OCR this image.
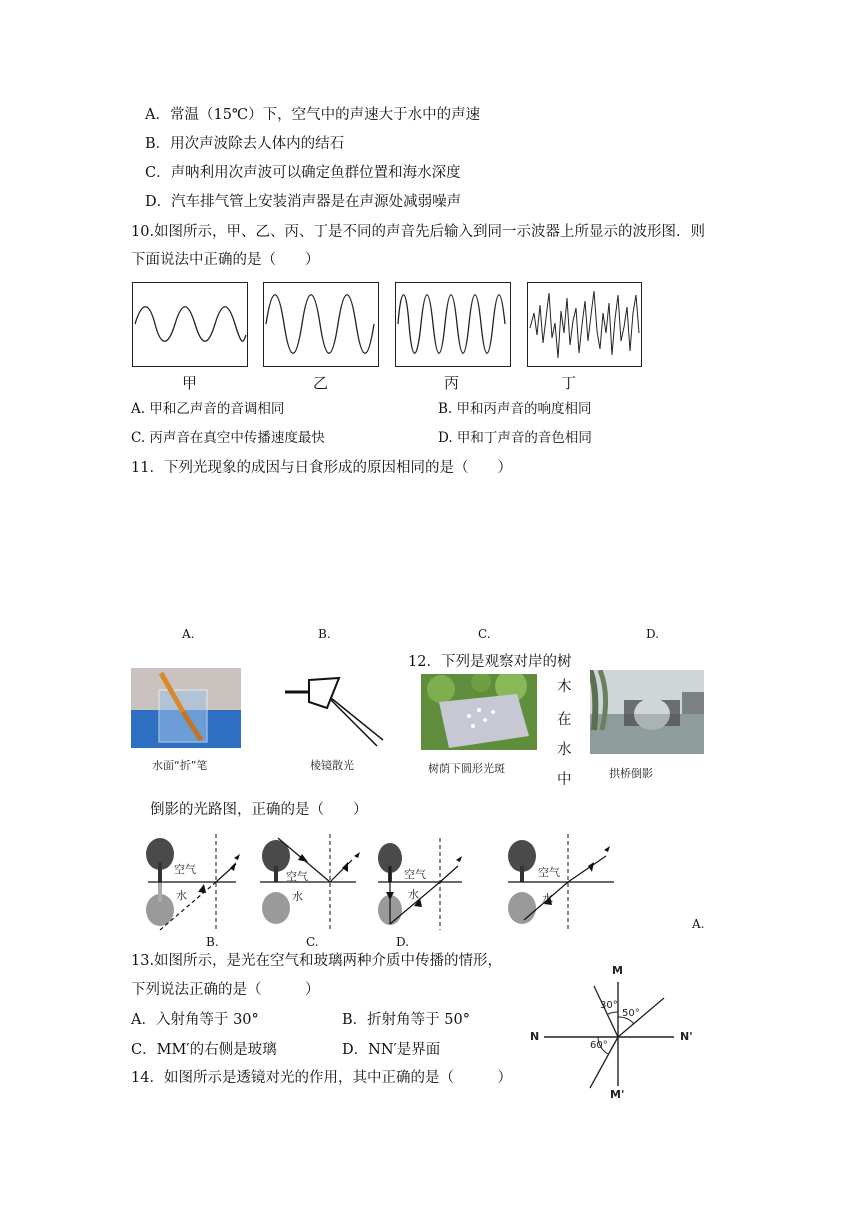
A．常温（15℃）下，空气中的声速大于水中的声速
B．用次声波除去人体内的结石
C．声呐利用次声波可以确定鱼群位置和海水深度
D．汽车排气管上安装消声器是在声源处减弱噪声
10.如图所示，甲、乙、丙、丁是不同的声音先后输入到同一示波器上所显示的波形图．则
下面说法中正确的是（　　）
甲	乙	丙	丁
A. 甲和乙声音的音调相同	B. 甲和丙声音的响度相同
C. 丙声音在真空中传播速度最快	D. 甲和丁声音的音色相同
11．下列光现象的成因与日食形成的原因相同的是（　　）
A.	B.	C.	D.
水面“折”笔	棱镜散光	树荫下圆形光斑	拱桥倒影
12．下列是观察对岸的树
木
在
水
中
倒影的光路图，正确的是（　　）
空气
水
空气
水
空气
水
空气
水
A.
B.	C.	D.
13.如图所示，是光在空气和玻璃两种介质中传播的情形，
下列说法正确的是（　　　）
A．入射角等于 30°	B．折射角等于 50°
C．MM′的右侧是玻璃	D．NN′是界面
M
M'
N	N'
30°
50°
60°
14．如图所示是透镜对光的作用，其中正确的是（　　　）
